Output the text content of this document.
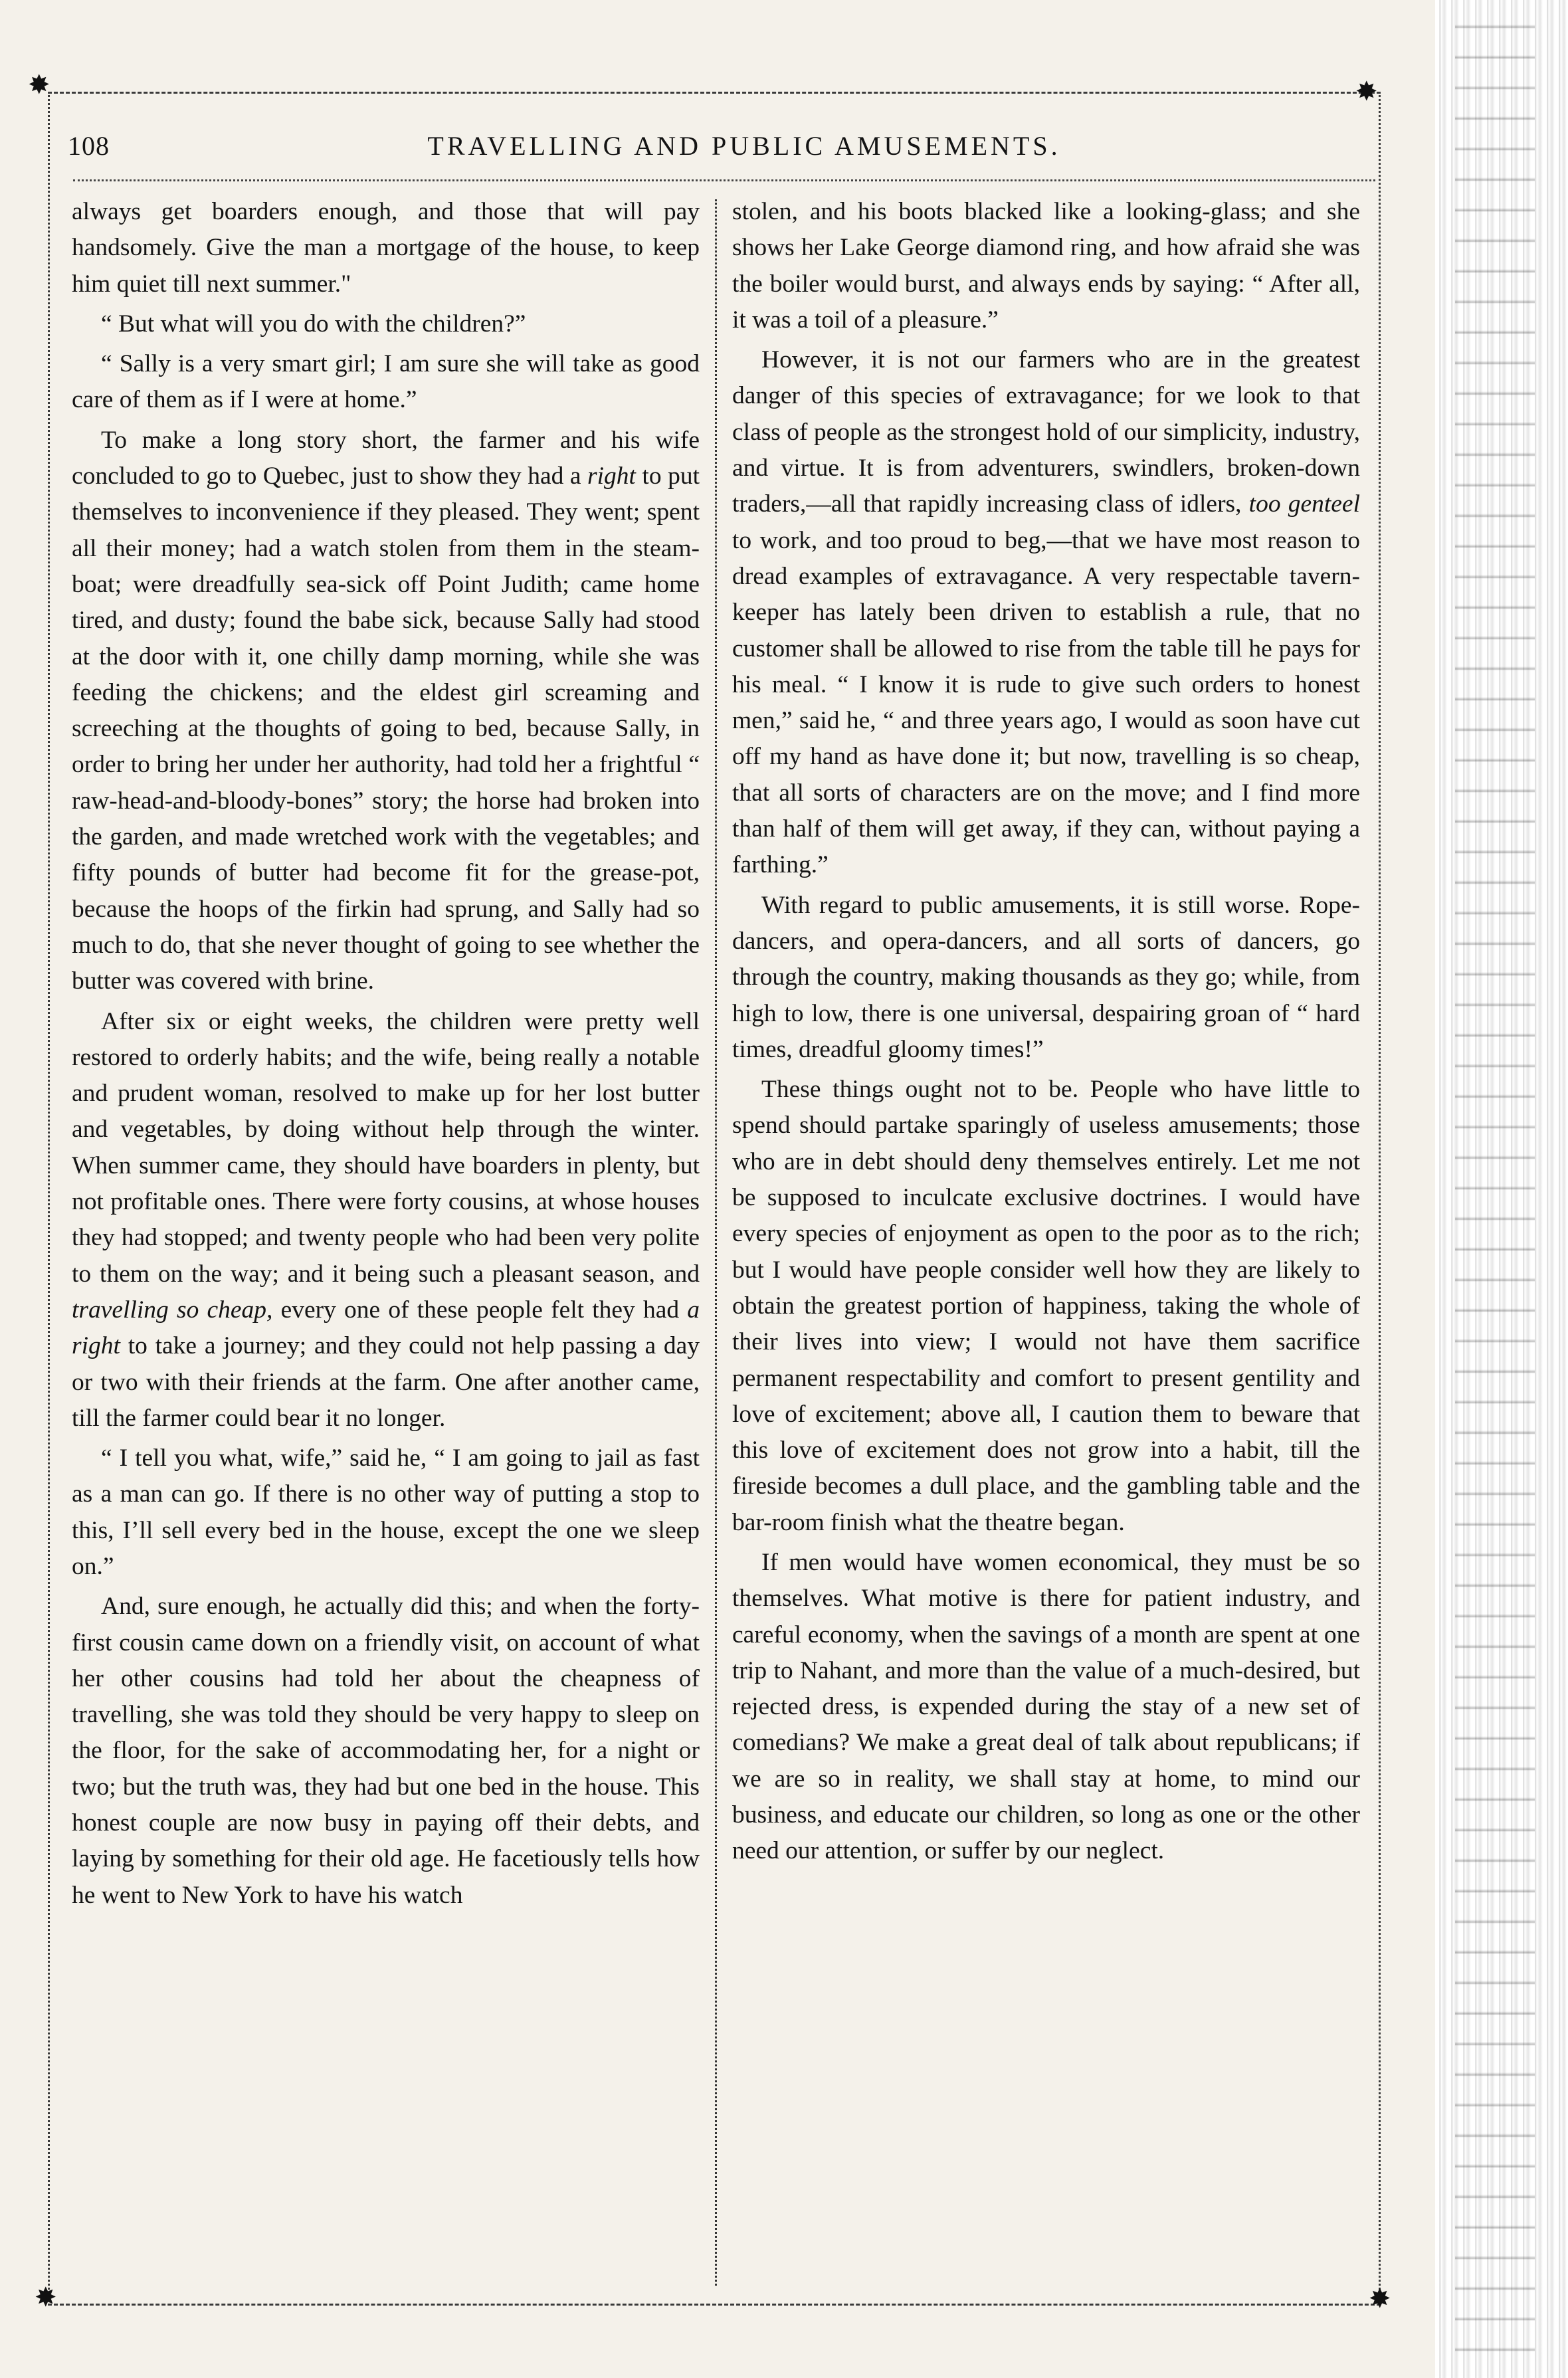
✸	✸
✸	✸
108	TRAVELLING AND PUBLIC AMUSEMENTS.

always get boarders enough, and those that will pay handsomely. Give the man a mortgage of the house, to keep him quiet till next summer."

“ But what will you do with the children?”

“ Sally is a very smart girl; I am sure she will take as good care of them as if I were at home.”

To make a long story short, the farmer and his wife concluded to go to Quebec, just to show they had a right to put themselves to inconvenience if they pleased. They went; spent all their money; had a watch stolen from them in the steam-boat; were dreadfully sea-sick off Point Judith; came home tired, and dusty; found the babe sick, because Sally had stood at the door with it, one chilly damp morning, while she was feeding the chickens; and the eldest girl screaming and screeching at the thoughts of going to bed, because Sally, in order to bring her under her authority, had told her a frightful “ raw-head-and-bloody-bones” story; the horse had broken into the garden, and made wretched work with the vegetables; and fifty pounds of butter had become fit for the grease-pot, because the hoops of the firkin had sprung, and Sally had so much to do, that she never thought of going to see whether the butter was covered with brine.

After six or eight weeks, the children were pretty well restored to orderly habits; and the wife, being really a notable and prudent woman, resolved to make up for her lost butter and vegetables, by doing without help through the winter. When summer came, they should have boarders in plenty, but not profitable ones. There were forty cousins, at whose houses they had stopped; and twenty people who had been very polite to them on the way; and it being such a pleasant season, and travelling so cheap, every one of these people felt they had a right to take a journey; and they could not help passing a day or two with their friends at the farm. One after another came, till the farmer could bear it no longer.

“ I tell you what, wife,” said he, “ I am going to jail as fast as a man can go. If there is no other way of putting a stop to this, I’ll sell every bed in the house, except the one we sleep on.”

And, sure enough, he actually did this; and when the forty-first cousin came down on a friendly visit, on account of what her other cousins had told her about the cheapness of travelling, she was told they should be very happy to sleep on the floor, for the sake of accommodating her, for a night or two; but the truth was, they had but one bed in the house. This honest couple are now busy in paying off their debts, and laying by something for their old age. He facetiously tells how he went to New York to have his watch

stolen, and his boots blacked like a looking-glass; and she shows her Lake George diamond ring, and how afraid she was the boiler would burst, and always ends by saying: “ After all, it was a toil of a pleasure.”

However, it is not our farmers who are in the greatest danger of this species of extravagance; for we look to that class of people as the strongest hold of our simplicity, industry, and virtue. It is from adventurers, swindlers, broken-down traders,—all that rapidly increasing class of idlers, too genteel to work, and too proud to beg,—that we have most reason to dread examples of extravagance. A very respectable tavern-keeper has lately been driven to establish a rule, that no customer shall be allowed to rise from the table till he pays for his meal. “ I know it is rude to give such orders to honest men,” said he, “ and three years ago, I would as soon have cut off my hand as have done it; but now, travelling is so cheap, that all sorts of characters are on the move; and I find more than half of them will get away, if they can, without paying a farthing.”

With regard to public amusements, it is still worse. Rope-dancers, and opera-dancers, and all sorts of dancers, go through the country, making thousands as they go; while, from high to low, there is one universal, despairing groan of “ hard times, dreadful gloomy times!”

These things ought not to be. People who have little to spend should partake sparingly of useless amusements; those who are in debt should deny themselves entirely. Let me not be supposed to inculcate exclusive doctrines. I would have every species of enjoyment as open to the poor as to the rich; but I would have people consider well how they are likely to obtain the greatest portion of happiness, taking the whole of their lives into view; I would not have them sacrifice permanent respectability and comfort to present gentility and love of excitement; above all, I caution them to beware that this love of excitement does not grow into a habit, till the fireside becomes a dull place, and the gambling table and the bar-room finish what the theatre began.

If men would have women economical, they must be so themselves. What motive is there for patient industry, and careful economy, when the savings of a month are spent at one trip to Nahant, and more than the value of a much-desired, but rejected dress, is expended during the stay of a new set of comedians? We make a great deal of talk about republicans; if we are so in reality, we shall stay at home, to mind our business, and educate our children, so long as one or the other need our attention, or suffer by our neglect.
